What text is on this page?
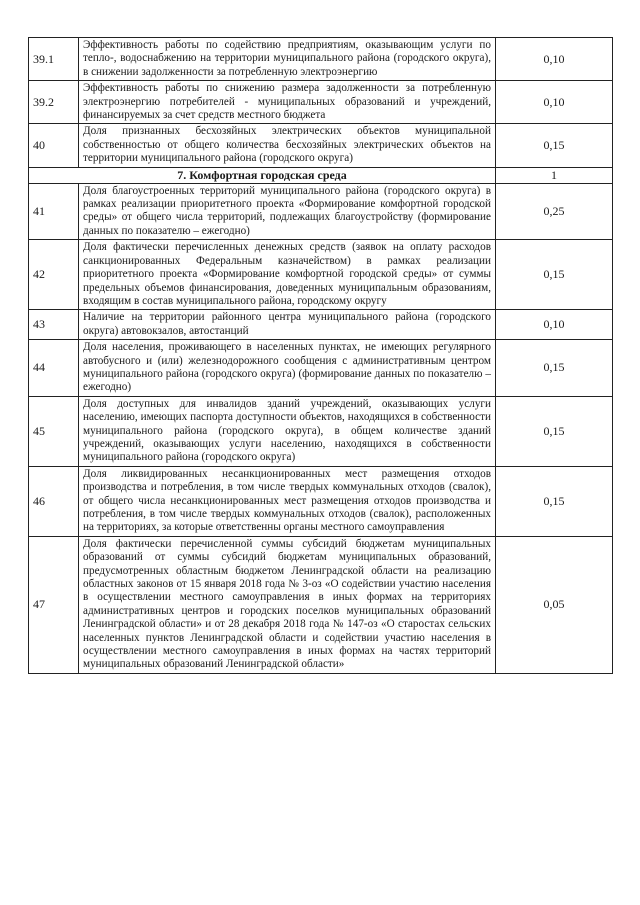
39.1	Эффективность работы по содействию предприятиям, оказывающим услуги по тепло-, водоснабжению на территории муниципального района (городского округа), в снижении задолженности за потребленную электроэнергию	0,10
39.2	Эффективность работы по снижению размера задолженности за потребленную электроэнергию потребителей - муниципальных образований и учреждений, финансируемых за счет средств местного бюджета	0,10
40	Доля признанных бесхозяйных электрических объектов муниципальной собственностью от общего количества бесхозяйных электрических объектов на территории муниципального района (городского округа)	0,15
7. Комфортная городская среда		1
41	Доля благоустроенных территорий муниципального района (городского округа) в рамках реализации приоритетного проекта «Формирование комфортной городской среды» от общего числа территорий, подлежащих благоустройству (формирование данных по показателю – ежегодно)	0,25
42	Доля фактически перечисленных денежных средств (заявок на оплату расходов санкционированных Федеральным казначейством) в рамках реализации приоритетного проекта «Формирование комфортной городской среды» от суммы предельных объемов финансирования, доведенных муниципальным образованиям, входящим в состав муниципального района, городскому округу	0,15
43	Наличие на территории районного центра муниципального района (городского округа) автовокзалов, автостанций	0,10
44	Доля населения, проживающего в населенных пунктах, не имеющих регулярного автобусного и (или) железнодорожного сообщения с административным центром муниципального района (городского округа) (формирование данных по показателю – ежегодно)	0,15
45	Доля доступных для инвалидов зданий учреждений, оказывающих услуги населению, имеющих паспорта доступности объектов, находящихся в собственности муниципального района (городского округа), в общем количестве зданий учреждений, оказывающих услуги населению, находящихся в собственности муниципального района (городского округа)	0,15
46	Доля ликвидированных несанкционированных мест размещения отходов производства и потребления, в том числе твердых коммунальных отходов (свалок), от общего числа несанкционированных мест размещения отходов производства и потребления, в том числе твердых коммунальных отходов (свалок), расположенных на территориях, за которые ответственны органы местного самоуправления	0,15
47	Доля фактически перечисленной суммы субсидий бюджетам муниципальных образований от суммы субсидий бюджетам муниципальных образований, предусмотренных областным бюджетом Ленинградской области на реализацию областных законов от 15 января 2018 года № 3-оз «О содействии участию населения в осуществлении местного самоуправления в иных формах на территориях административных центров и городских поселков муниципальных образований Ленинградской области» и от 28 декабря 2018 года № 147-оз «О старостах сельских населенных пунктов Ленинградской области и содействии участию населения в осуществлении местного самоуправления в иных формах на частях территорий муниципальных образований Ленинградской области»	0,05
